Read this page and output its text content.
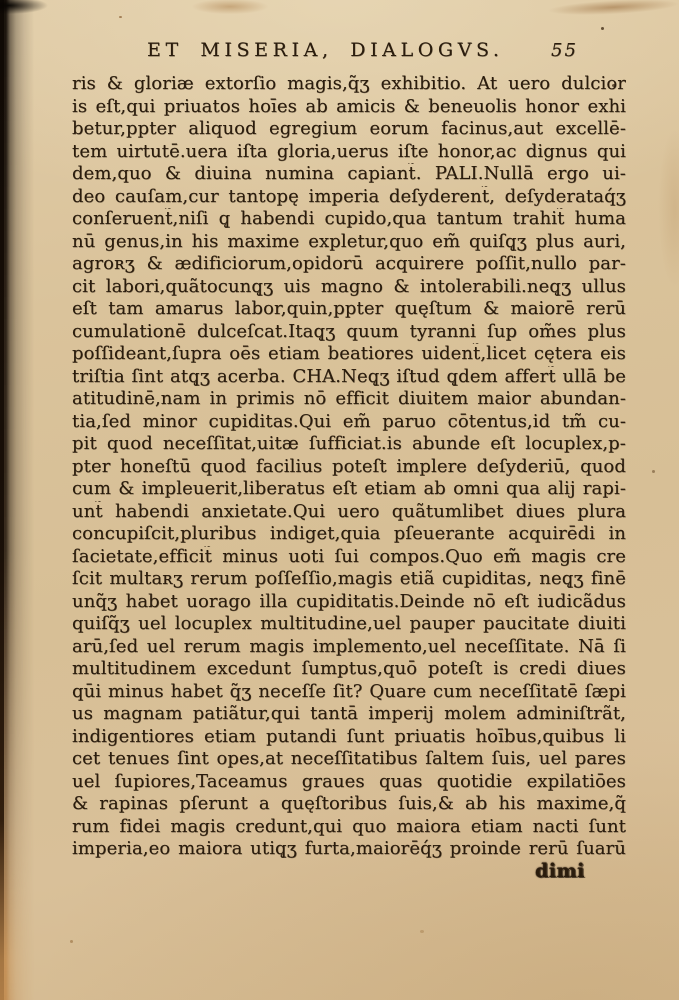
ET MISERIA, DIALOGVS.	55
ris & gloriæ extorſio magis,q̃ʒ exhibitio. At uero dulcior
is eſt,qui priuatos hoīes ab amicis & beneuolis honor exhi
betur,ppter aliquod egregium eorum facinus,aut excellē-
tem uirtutē.uera iſta gloria,uerus iſte honor,ac dignus qui
dem,quo & diuina numina capiant̃. PALI.Nullā ergo ui-
deo cauſam,cur tantopę imperia deſyderent̃, deſyderataq́ʒ
conſeruent̃,niſi q̨ habendi cupido,qua tantum trahit̃ huma
nū genus,in his maxime expletur,quo em̃ quiſq̨ʒ plus auri,
agroʀʒ & ædificiorum,opidorū acquirere poſſit,nullo par-
cit labori,quãtocunq̨ʒ uis magno & intolerabili.neq̨ʒ ullus
eſt tam amarus labor,quin,ppter quęſtum & maiorē rerū
cumulationē dulceſcat.Itaq̨ʒ quum tyranni ſup om̃es plus
poſſideant,ſupra oēs etiam beatiores uident̃,licet cętera eis
triſtia ſint atq̨ʒ acerba. CHA.Neq̨ʒ iſtud q̨dem affert̃ ullā be
atitudinē,nam in primis nō efficit diuitem maior abundan-
tia,ſed minor cupiditas.Qui em̃ paruo cōtentus,id tm̃ cu-
pit quod neceſſitat,uitæ ſufficiat.is abunde eſt locuplex,p-
pter honeſtū quod facilius poteſt implere deſyderiū, quod
cum & impleuerit,liberatus eſt etiam ab omni qua alij rapi-
unt̃ habendi anxietate.Qui uero quãtumlibet diues plura
concupiſcit,pluribus indiget,quia pſeuerante acquirēdi in
ſacietate,efficit̃ minus uoti ſui compos.Quo em̃ magis cre
ſcit multaʀʒ rerum poſſeſſio,magis etiã cupiditas, neq̨ʒ finē
unq̃ʒ habet uorago illa cupiditatis.Deinde nō eſt iudicãdus
quiſq̃ʒ uel locuplex multitudine,uel pauper paucitate diuiti
arū,ſed uel rerum magis implemento,uel neceſſitate. Nā ſi
multitudinem excedunt ſumptus,quō poteſt is credi diues
qūi minus habet q̃ʒ neceſſe ſit? Quare cum neceſſitatē ſæpi
us magnam patiãtur,qui tantā imperij molem adminiſtrãt,
indigentiores etiam putandi ſunt priuatis hoībus,quibus li
cet tenues ſint opes,at neceſſitatibus ſaltem ſuis, uel pares
uel ſupiores,Taceamus graues quas quotidie expilatiōes
& rapinas pſerunt a quęſtoribus ſuis,& ab his maxime,q̃
rum fidei magis credunt,qui quo maiora etiam nacti ſunt
imperia,eo maiora utiq̨ʒ furta,maiorēq́ʒ proinde rerū ſuarū
dimi
